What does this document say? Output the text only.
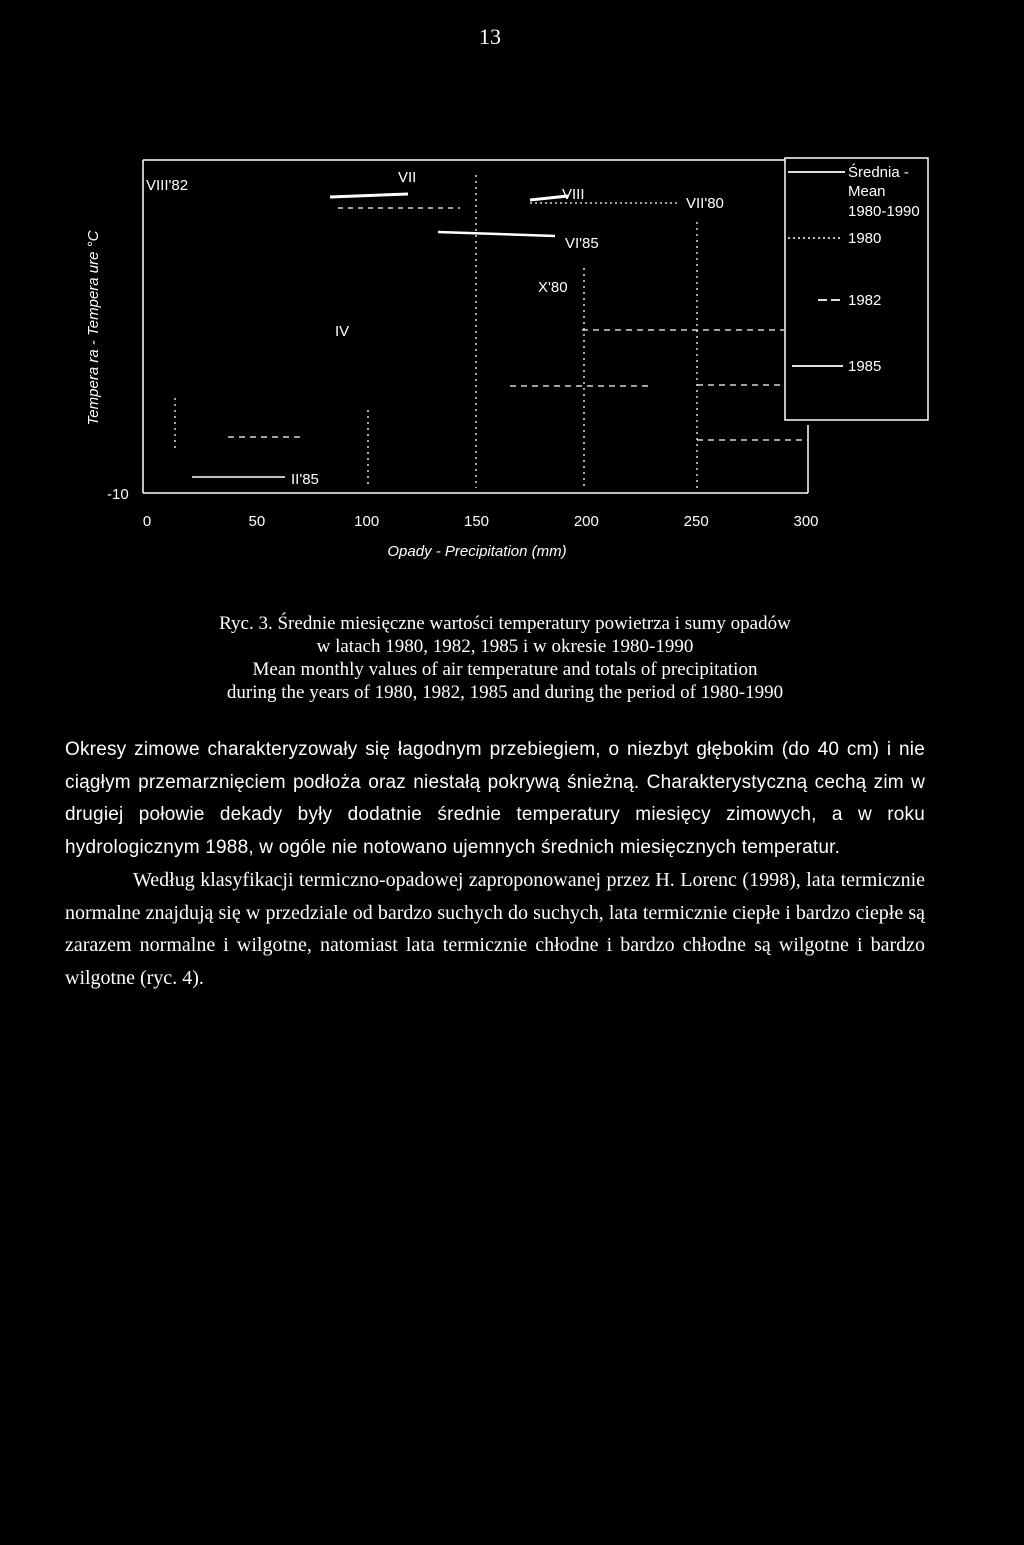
13
Średnia -
Mean
1980-1990
1980
1982
1985
VIII'82	VII
VIII
VII'80
VI'85
X'80
IV
II'85
Tempera ra - Tempera ure °C
-10
0	50	100	150	200	250	300
Opady - Precipitation (mm)
Ryc. 3. Średnie miesięczne wartości temperatury powietrza i sumy opadów
w latach 1980, 1982, 1985 i w okresie 1980-1990
Mean monthly values of air temperature and totals of precipitation
during the years of 1980, 1982, 1985 and during the period of 1980-1990

Okresy zimowe charakteryzowały się łagodnym przebiegiem, o niezbyt głębokim (do 40 cm) i nie ciągłym przemarznięciem podłoża oraz niestałą pokrywą śnieżną. Charakterystyczną cechą zim w drugiej połowie dekady były dodatnie średnie temperatury miesięcy zimowych, a w roku hydrologicznym 1988, w ogóle nie notowano ujemnych średnich miesięcznych temperatur.

Według klasyfikacji termiczno-opadowej zaproponowanej przez H. Lorenc (1998), lata termicznie normalne znajdują się w przedziale od bardzo suchych do suchych, lata termicznie ciepłe i bardzo ciepłe są zarazem normalne i wilgotne, natomiast lata termicznie chłodne i bardzo chłodne są wilgotne i bardzo wilgotne (ryc. 4).
